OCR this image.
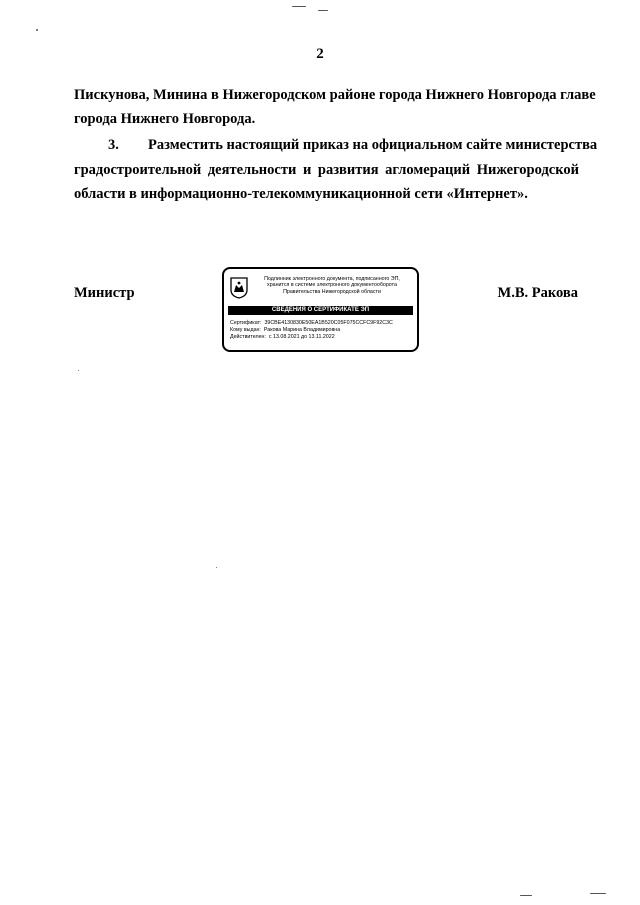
2
Пискунова, Минина в Нижегородском районе города Нижнего Новгорода главе
города Нижнего Новгорода.
3.	Разместить настоящий приказ на официальном сайте министерства
градостроительной деятельности и развития агломераций Нижегородской
области в информационно-телекоммуникационной сети «Интернет».
Министр	М.В. Ракова
Подлинник электронного документа, подписанного ЭП,
хранится в системе электронного документооборота
Правительства Нижегородской области
СВЕДЕНИЯ О СЕРТИФИКАТЕ ЭП
Сертификат: 39CBE4130830E50EA1B520C05F075CCFC9F92C3C
Кому выдан: Ракова Марина Владимировна
Действителен: с 13.08.2021 до 13.11.2022
